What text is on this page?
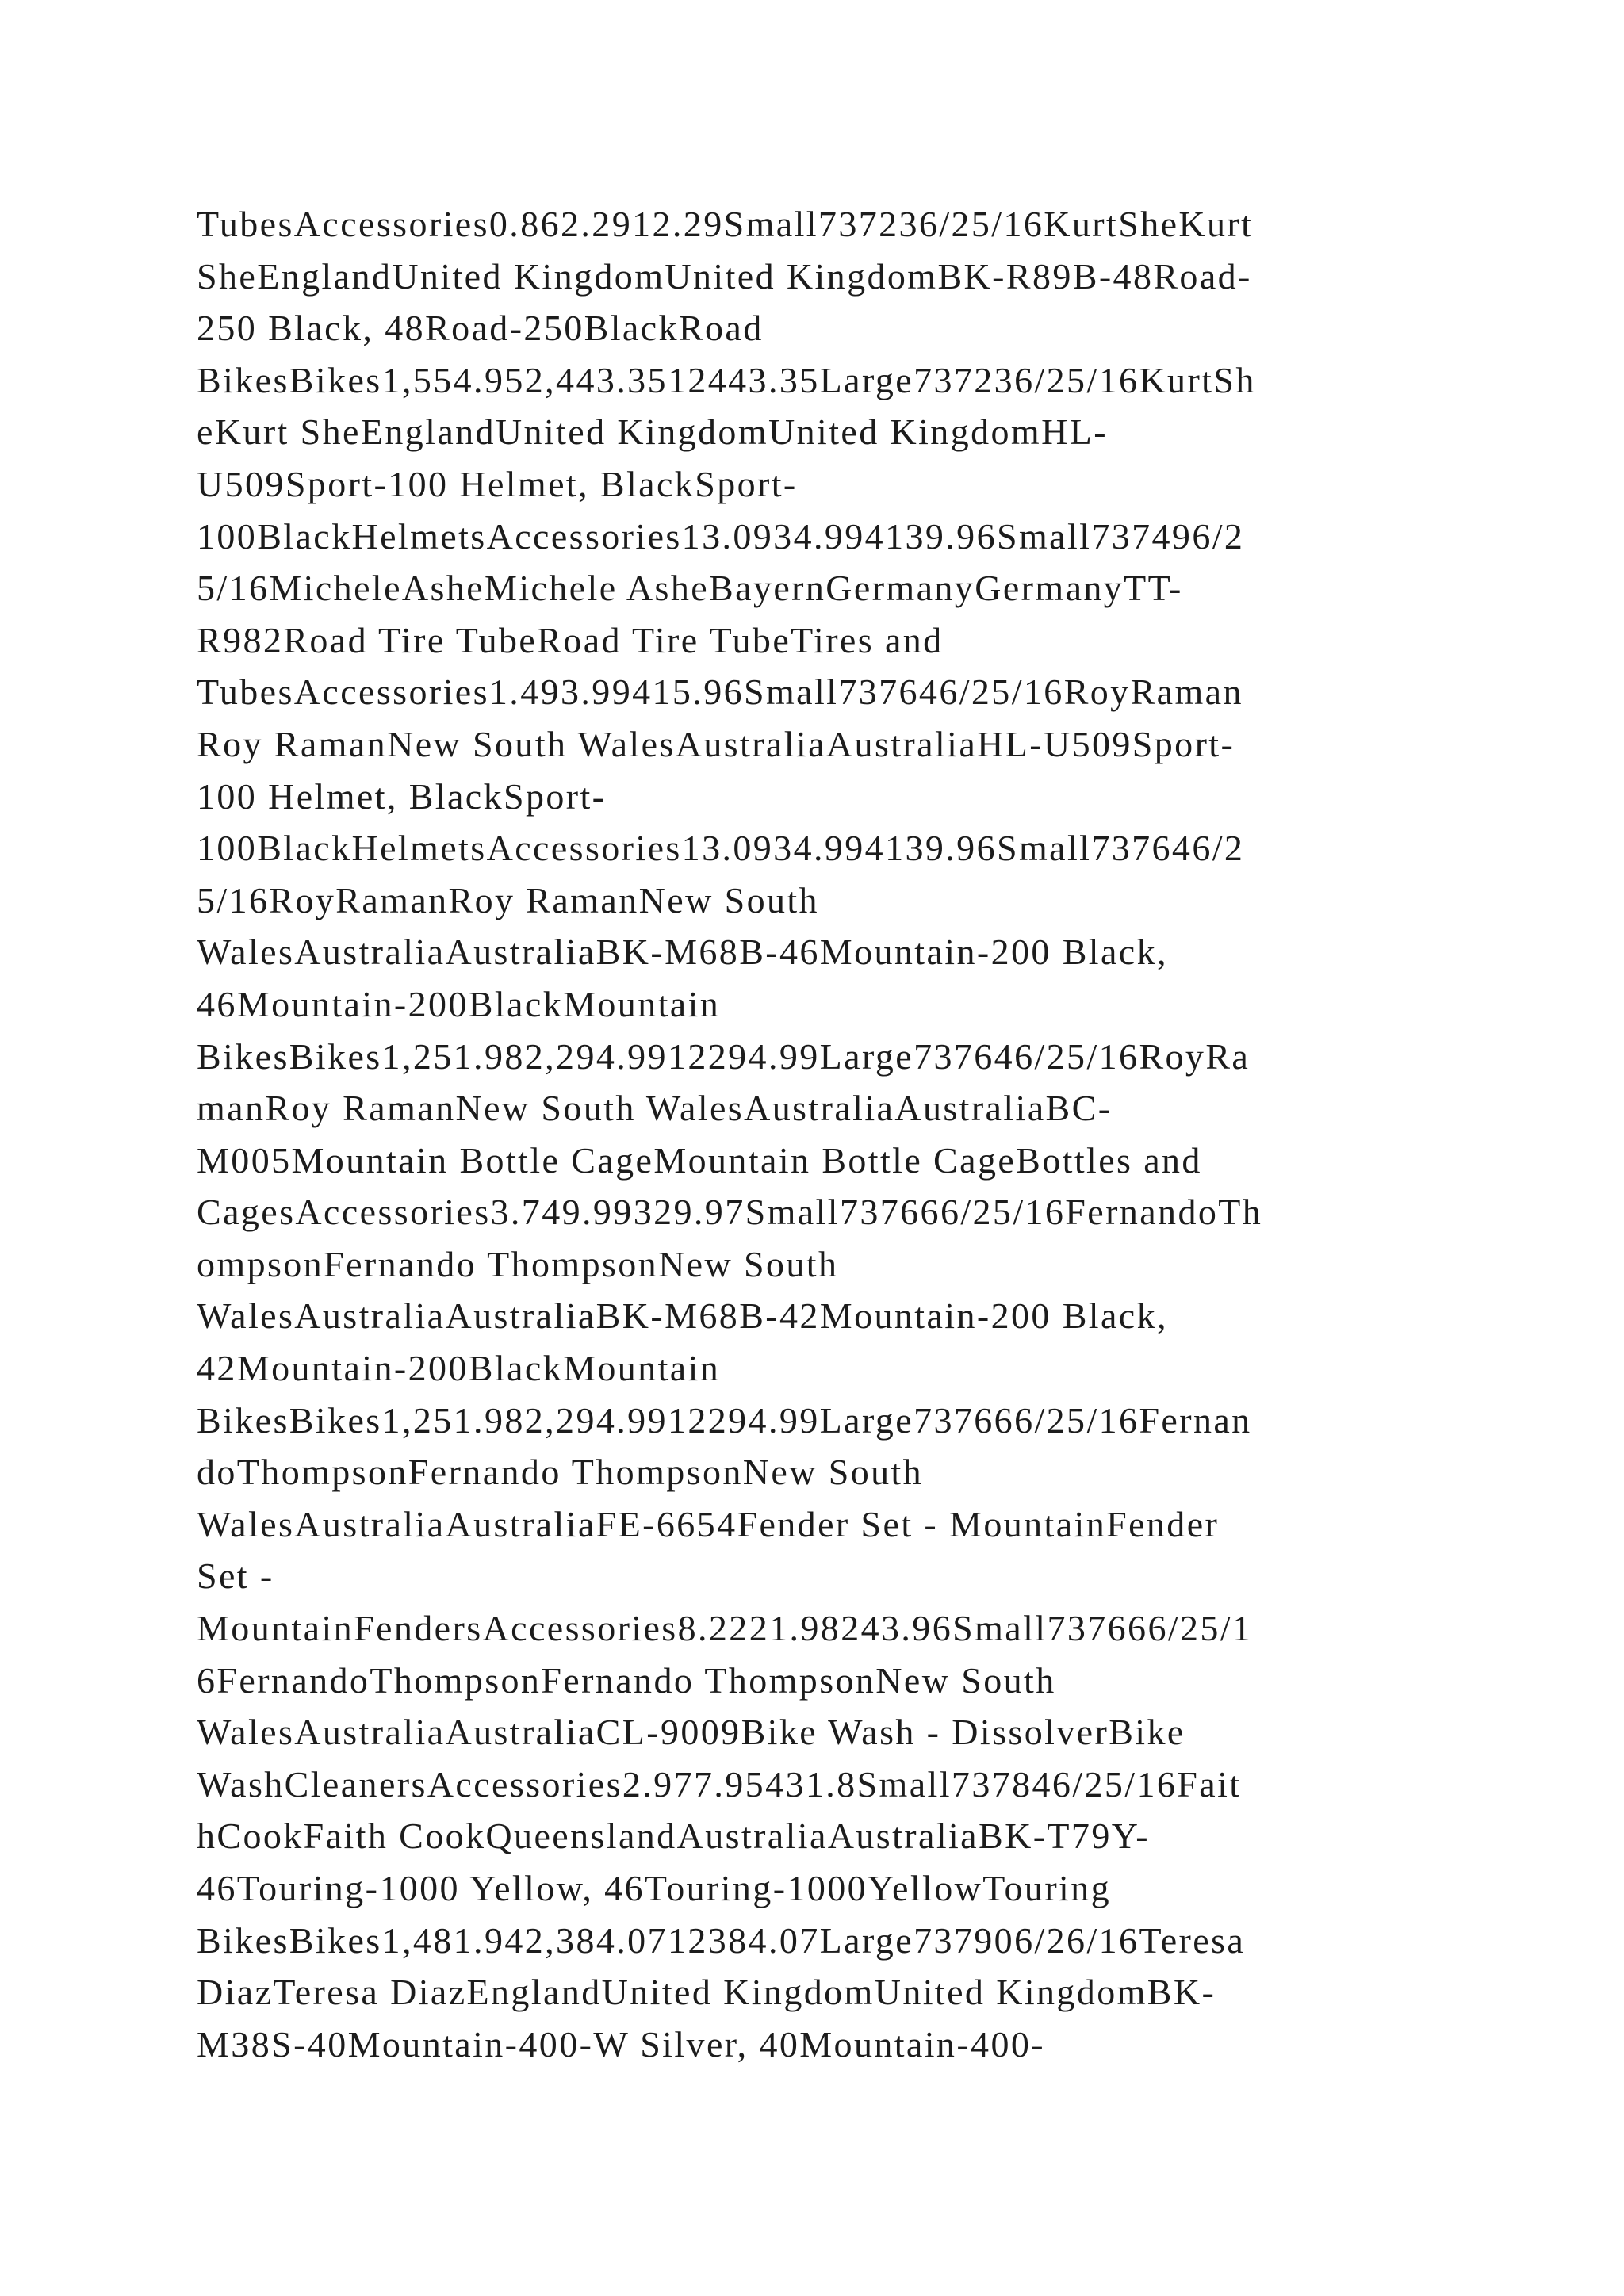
TubesAccessories0.862.2912.29Small737236/25/16KurtSheKurt
SheEnglandUnited KingdomUnited KingdomBK-R89B-48Road-
250 Black, 48Road-250BlackRoad
BikesBikes1,554.952,443.3512443.35Large737236/25/16KurtSh
eKurt SheEnglandUnited KingdomUnited KingdomHL-
U509Sport-100 Helmet, BlackSport-
100BlackHelmetsAccessories13.0934.994139.96Small737496/2
5/16MicheleAsheMichele AsheBayernGermanyGermanyTT-
R982Road Tire TubeRoad Tire TubeTires and
TubesAccessories1.493.99415.96Small737646/25/16RoyRaman
Roy RamanNew South WalesAustraliaAustraliaHL-U509Sport-
100 Helmet, BlackSport-
100BlackHelmetsAccessories13.0934.994139.96Small737646/2
5/16RoyRamanRoy RamanNew South
WalesAustraliaAustraliaBK-M68B-46Mountain-200 Black,
46Mountain-200BlackMountain
BikesBikes1,251.982,294.9912294.99Large737646/25/16RoyRa
manRoy RamanNew South WalesAustraliaAustraliaBC-
M005Mountain Bottle CageMountain Bottle CageBottles and
CagesAccessories3.749.99329.97Small737666/25/16FernandoTh
ompsonFernando ThompsonNew South
WalesAustraliaAustraliaBK-M68B-42Mountain-200 Black,
42Mountain-200BlackMountain
BikesBikes1,251.982,294.9912294.99Large737666/25/16Fernan
doThompsonFernando ThompsonNew South
WalesAustraliaAustraliaFE-6654Fender Set - MountainFender
Set -
MountainFendersAccessories8.2221.98243.96Small737666/25/1
6FernandoThompsonFernando ThompsonNew South
WalesAustraliaAustraliaCL-9009Bike Wash - DissolverBike
WashCleanersAccessories2.977.95431.8Small737846/25/16Fait
hCookFaith CookQueenslandAustraliaAustraliaBK-T79Y-
46Touring-1000 Yellow, 46Touring-1000YellowTouring
BikesBikes1,481.942,384.0712384.07Large737906/26/16Teresa
DiazTeresa DiazEnglandUnited KingdomUnited KingdomBK-
M38S-40Mountain-400-W Silver, 40Mountain-400-
